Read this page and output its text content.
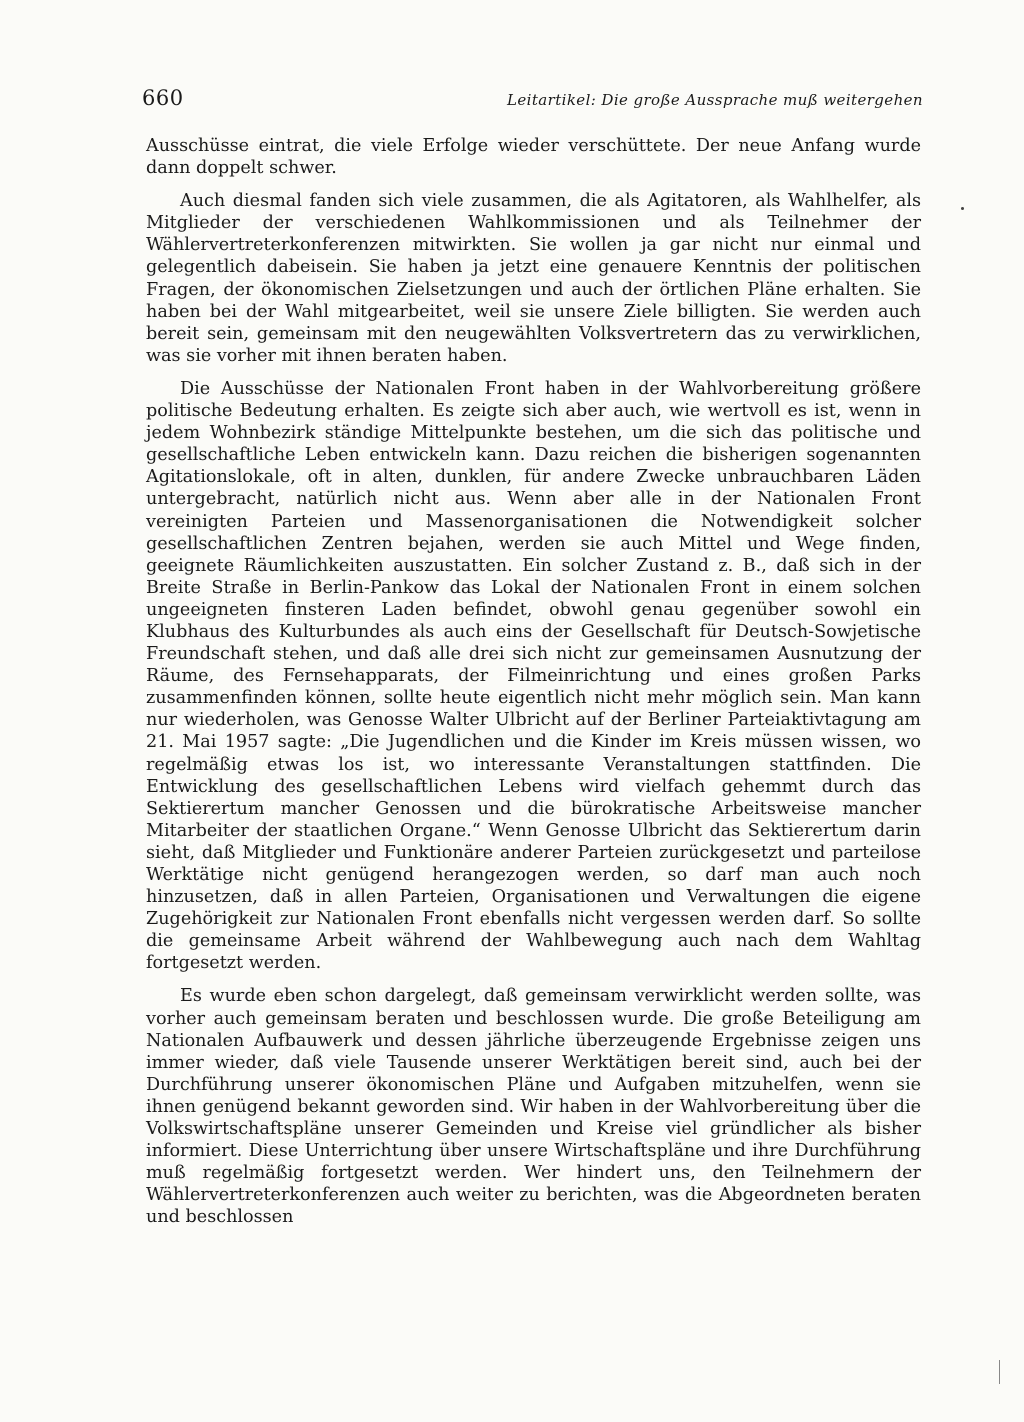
660	Leitartikel: Die große Aussprache muß weitergehen

Ausschüsse eintrat, die viele Erfolge wieder verschüttete. Der neue Anfang wurde dann doppelt schwer.

Auch diesmal fanden sich viele zusammen, die als Agitatoren, als Wahlhelfer, als Mitglieder der verschiedenen Wahlkommissionen und als Teilnehmer der Wählervertreterkonferenzen mitwirkten. Sie wollen ja gar nicht nur einmal und gelegentlich dabeisein. Sie haben ja jetzt eine genauere Kenntnis der politischen Fragen, der ökonomischen Zielsetzungen und auch der örtlichen Pläne erhalten. Sie haben bei der Wahl mitgearbeitet, weil sie unsere Ziele billigten. Sie werden auch bereit sein, gemeinsam mit den neugewählten Volksvertretern das zu verwirklichen, was sie vorher mit ihnen beraten haben.

Die Ausschüsse der Nationalen Front haben in der Wahlvorbereitung größere politische Bedeutung erhalten. Es zeigte sich aber auch, wie wertvoll es ist, wenn in jedem Wohnbezirk ständige Mittelpunkte bestehen, um die sich das politische und gesellschaftliche Leben entwickeln kann. Dazu reichen die bisherigen sogenannten Agitationslokale, oft in alten, dunklen, für andere Zwecke unbrauchbaren Läden untergebracht, natürlich nicht aus. Wenn aber alle in der Nationalen Front vereinigten Parteien und Massenorganisationen die Notwendigkeit solcher gesellschaftlichen Zentren bejahen, werden sie auch Mittel und Wege finden, geeignete Räumlichkeiten auszustatten. Ein solcher Zustand z. B., daß sich in der Breite Straße in Berlin-Pankow das Lokal der Nationalen Front in einem solchen ungeeigneten finsteren Laden befindet, obwohl genau gegenüber sowohl ein Klubhaus des Kulturbundes als auch eins der Gesellschaft für Deutsch-Sowjetische Freundschaft stehen, und daß alle drei sich nicht zur gemeinsamen Ausnutzung der Räume, des Fernsehapparats, der Filmeinrichtung und eines großen Parks zusammenfinden können, sollte heute eigentlich nicht mehr möglich sein. Man kann nur wiederholen, was Genosse Walter Ulbricht auf der Berliner Parteiaktivtagung am 21. Mai 1957 sagte: „Die Jugendlichen und die Kinder im Kreis müssen wissen, wo regelmäßig etwas los ist, wo interessante Veranstaltungen stattfinden. Die Entwicklung des gesellschaftlichen Lebens wird vielfach gehemmt durch das Sektierertum mancher Genossen und die bürokratische Arbeitsweise mancher Mitarbeiter der staatlichen Organe.“ Wenn Genosse Ulbricht das Sektierertum darin sieht, daß Mitglieder und Funktionäre anderer Parteien zurückgesetzt und parteilose Werktätige nicht genügend herangezogen werden, so darf man auch noch hinzusetzen, daß in allen Parteien, Organisationen und Verwaltungen die eigene Zugehörigkeit zur Nationalen Front ebenfalls nicht vergessen werden darf. So sollte die gemeinsame Arbeit während der Wahlbewegung auch nach dem Wahltag fortgesetzt werden.

Es wurde eben schon dargelegt, daß gemeinsam verwirklicht werden sollte, was vorher auch gemeinsam beraten und beschlossen wurde. Die große Beteiligung am Nationalen Aufbauwerk und dessen jährliche überzeugende Ergebnisse zeigen uns immer wieder, daß viele Tausende unserer Werktätigen bereit sind, auch bei der Durchführung unserer ökonomischen Pläne und Aufgaben mitzuhelfen, wenn sie ihnen genügend bekannt geworden sind. Wir haben in der Wahlvorbereitung über die Volkswirtschaftspläne unserer Gemeinden und Kreise viel gründlicher als bisher informiert. Diese Unterrichtung über unsere Wirtschaftspläne und ihre Durchführung muß regelmäßig fortgesetzt werden. Wer hindert uns, den Teilnehmern der Wählervertreterkonferenzen auch weiter zu berichten, was die Abgeordneten beraten und beschlossen
